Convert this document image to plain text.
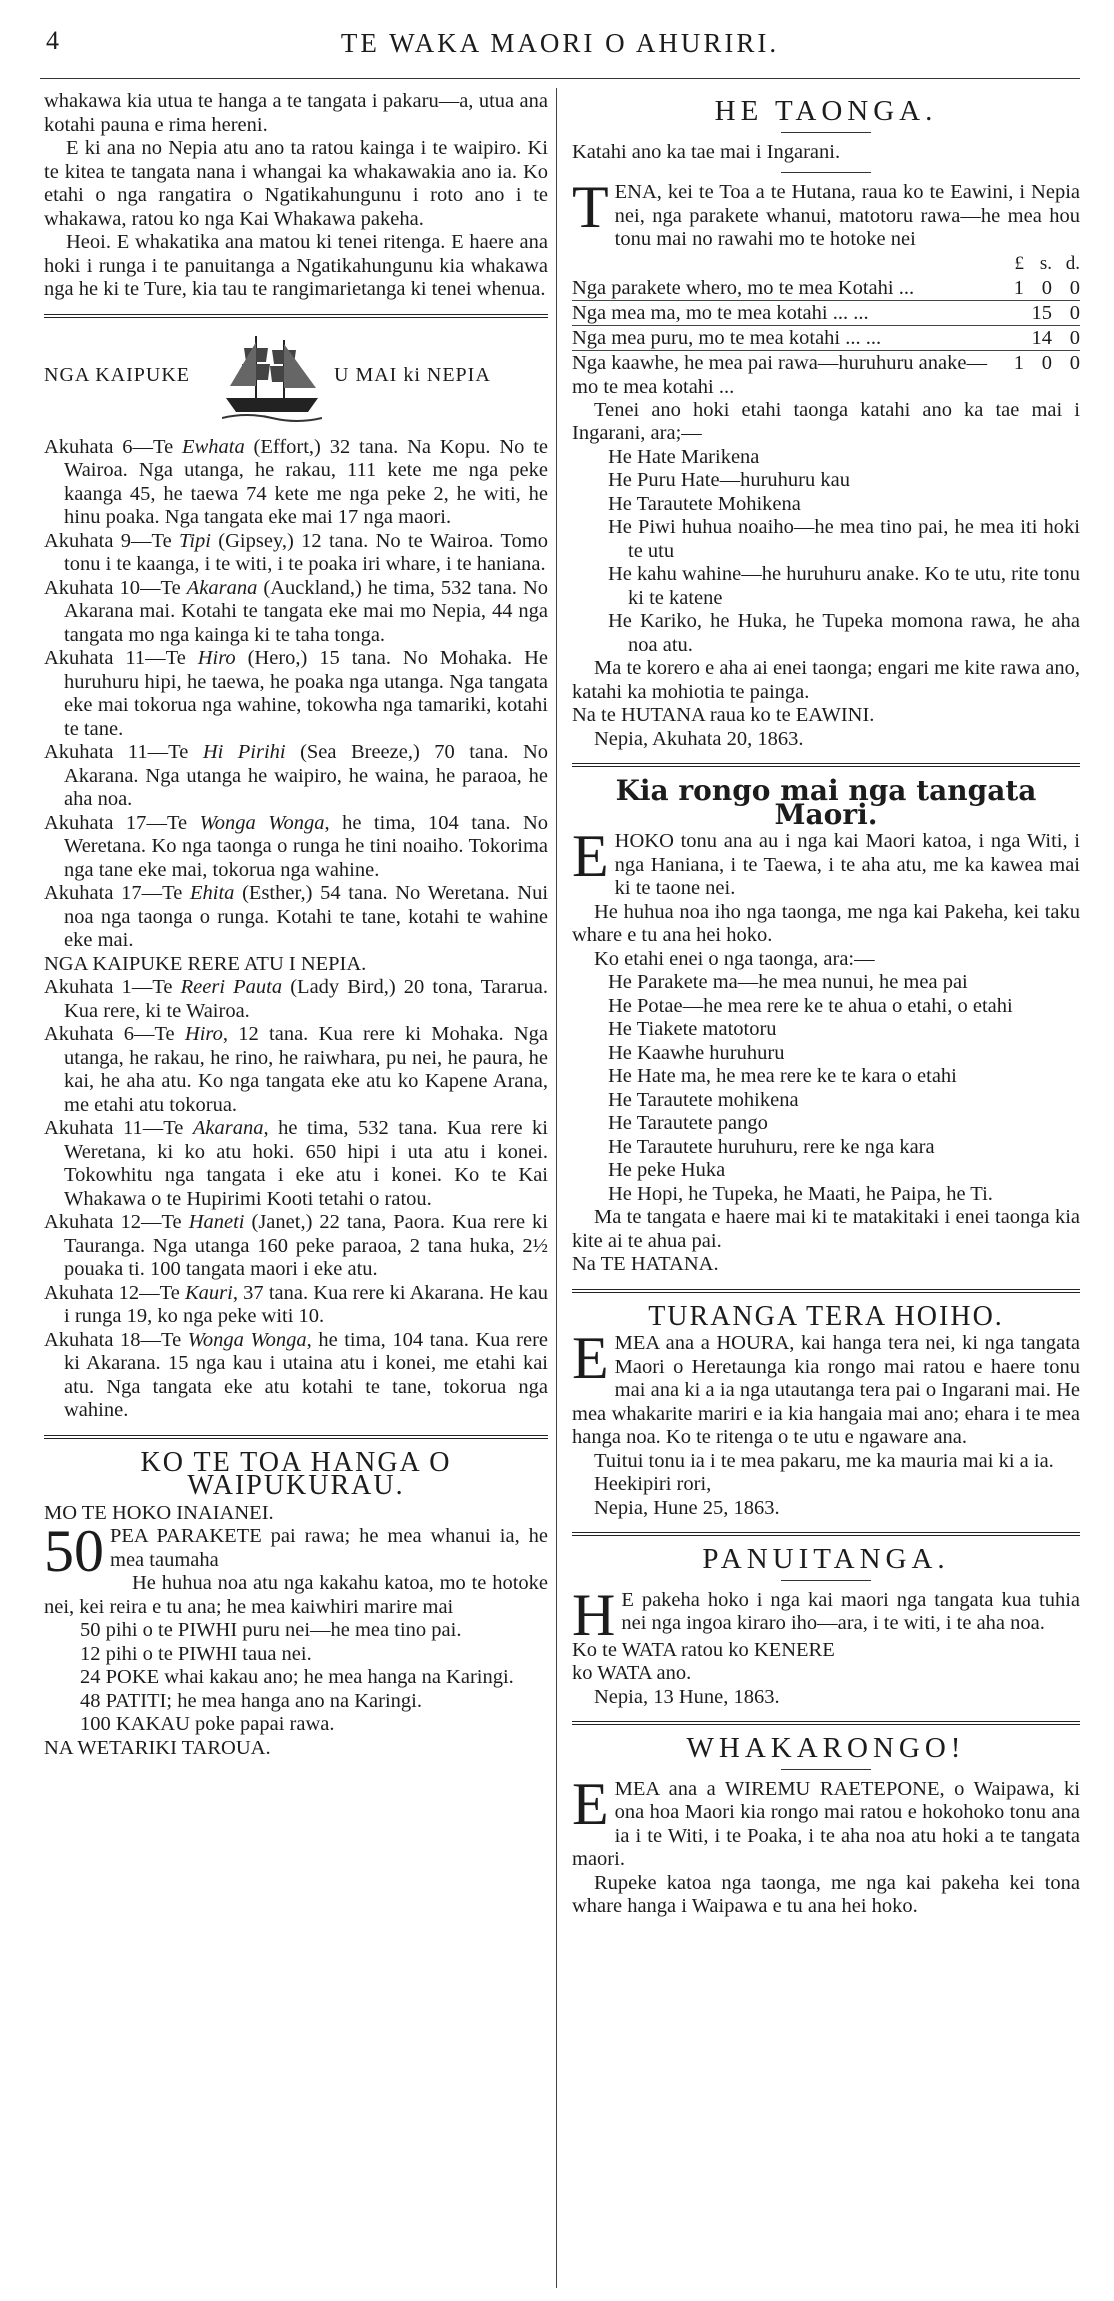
4	TE WAKA MAORI O AHURIRI.

whakawa kia utua te hanga a te tangata i pakaru—a, utua ana kotahi pauna e rima hereni.

E ki ana no Nepia atu ano ta ratou kainga i te waipiro. Ki te kitea te tangata nana i whangai ka whakawakia ano ia. Ko etahi o nga rangatira o Ngatikahungunu i roto ano i te whakawa, ratou ko nga Kai Whakawa pakeha.

Heoi. E whakatika ana matou ki tenei ritenga. E haere ana hoki i runga i te panuitanga a Ngatikahungunu kia whakawa nga he ki te Ture, kia tau te rangimarietanga ki tenei whenua.

NGA KAIPUKE	U MAI ki NEPIA

Akuhata 6—Te Ewhata (Effort,) 32 tana. Na Kopu. No te Wairoa. Nga utanga, he rakau, 111 kete me nga peke kaanga 45, he taewa 74 kete me nga peke 2, he witi, he hinu poaka. Nga tangata eke mai 17 nga maori.

Akuhata 9—Te Tipi (Gipsey,) 12 tana. No te Wairoa. Tomo tonu i te kaanga, i te witi, i te poaka iri whare, i te haniana.

Akuhata 10—Te Akarana (Auckland,) he tima, 532 tana. No Akarana mai. Kotahi te tangata eke mai mo Nepia, 44 nga tangata mo nga kainga ki te taha tonga.

Akuhata 11—Te Hiro (Hero,) 15 tana. No Mohaka. He huruhuru hipi, he taewa, he poaka nga utanga. Nga tangata eke mai tokorua nga wahine, tokowha nga tamariki, kotahi te tane.

Akuhata 11—Te Hi Pirihi (Sea Breeze,) 70 tana. No Akarana. Nga utanga he waipiro, he waina, he paraoa, he aha noa.

Akuhata 17—Te Wonga Wonga, he tima, 104 tana. No Weretana. Ko nga taonga o runga he tini noaiho. Tokorima nga tane eke mai, tokorua nga wahine.

Akuhata 17—Te Ehita (Esther,) 54 tana. No Weretana. Nui noa nga taonga o runga. Kotahi te tane, kotahi te wahine eke mai.

NGA KAIPUKE RERE ATU I NEPIA.

Akuhata 1—Te Reeri Pauta (Lady Bird,) 20 tona, Tararua. Kua rere, ki te Wairoa.

Akuhata 6—Te Hiro, 12 tana. Kua rere ki Mohaka. Nga utanga, he rakau, he rino, he raiwhara, pu nei, he paura, he kai, he aha atu. Ko nga tangata eke atu ko Kapene Arana, me etahi atu tokorua.

Akuhata 11—Te Akarana, he tima, 532 tana. Kua rere ki Weretana, ki ko atu hoki. 650 hipi i uta atu i konei. Tokowhitu nga tangata i eke atu i konei. Ko te Kai Whakawa o te Hupirimi Kooti tetahi o ratou.

Akuhata 12—Te Haneti (Janet,) 22 tana, Paora. Kua rere ki Tauranga. Nga utanga 160 peke paraoa, 2 tana huka, 2½ pouaka ti. 100 tangata maori i eke atu.

Akuhata 12—Te Kauri, 37 tana. Kua rere ki Akarana. He kau i runga 19, ko nga peke witi 10.

Akuhata 18—Te Wonga Wonga, he tima, 104 tana. Kua rere ki Akarana. 15 nga kau i utaina atu i konei, me etahi kai atu. Nga tangata eke atu kotahi te tane, tokorua nga wahine.

KO TE TOA HANGA O WAIPUKURAU.

MO TE HOKO INAIANEI.

50 PEA PARAKETE pai rawa; he mea whanui ia, he mea taumaha

He huhua noa atu nga kakahu katoa, mo te hotoke nei, kei reira e tu ana; he mea kaiwhiri marire mai

50 pihi o te PIWHI puru nei—he mea tino pai.

12 pihi o te PIWHI taua nei.

24 POKE whai kakau ano; he mea hanga na Karingi.

48 PATITI; he mea hanga ano na Karingi.

100 KAKAU poke papai rawa.

NA WETARIKI TAROUA.

HE TAONGA.

Katahi ano ka tae mai i Ingarani.

TENA, kei te Toa a te Hutana, raua ko te Eawini, i Nepia nei, nga parakete whanui, matotoru rawa—he mea hou tonu mai no rawahi mo te hotoke nei

	£	s.	d.
Nga parakete whero, mo te mea Kotahi ...	1	0	0
Nga mea ma, mo te mea kotahi ... ...		15	0
Nga mea puru, mo te mea kotahi ... ...		14	0
Nga kaawhe, he mea pai rawa—huruhuru anake—mo te mea kotahi ...	1	0	0

Tenei ano hoki etahi taonga katahi ano ka tae mai i Ingarani, ara;—

He Hate Marikena

He Puru Hate—huruhuru kau

He Tarautete Mohikena

He Piwi huhua noaiho—he mea tino pai, he mea iti hoki te utu

He kahu wahine—he huruhuru anake. Ko te utu, rite tonu ki te katene

He Kariko, he Huka, he Tupeka momona rawa, he aha noa atu.

Ma te korero e aha ai enei taonga; engari me kite rawa ano, katahi ka mohiotia te painga.

Na te HUTANA raua ko te EAWINI.

Nepia, Akuhata 20, 1863.

Kia rongo mai nga tangata Maori.

EHOKO tonu ana au i nga kai Maori katoa, i nga Witi, i nga Haniana, i te Taewa, i te aha atu, me ka kawea mai ki te taone nei.

He huhua noa iho nga taonga, me nga kai Pakeha, kei taku whare e tu ana hei hoko.

Ko etahi enei o nga taonga, ara:—

He Parakete ma—he mea nunui, he mea pai

He Potae—he mea rere ke te ahua o etahi, o etahi

He Tiakete matotoru

He Kaawhe huruhuru

He Hate ma, he mea rere ke te kara o etahi

He Tarautete mohikena

He Tarautete pango

He Tarautete huruhuru, rere ke nga kara

He peke Huka

He Hopi, he Tupeka, he Maati, he Paipa, he Ti.

Ma te tangata e haere mai ki te matakitaki i enei taonga kia kite ai te ahua pai.

Na TE HATANA.

TURANGA TERA HOIHO.

EMEA ana a HOURA, kai hanga tera nei, ki nga tangata Maori o Heretaunga kia rongo mai ratou e haere tonu mai ana ki a ia nga utautanga tera pai o Ingarani mai. He mea whakarite mariri e ia kia hangaia mai ano; ehara i te mea hanga noa. Ko te ritenga o te utu e ngaware ana.

Tuitui tonu ia i te mea pakaru, me ka mauria mai ki a ia.

Heekipiri rori,

Nepia, Hune 25, 1863.

PANUITANGA.

H E pakeha hoko i nga kai maori nga tangata kua tuhia nei nga ingoa kiraro iho—ara, i te witi, i te aha noa.

Ko te WATA ratou ko KENERE

ko WATA ano.

Nepia, 13 Hune, 1863.

WHAKARONGO!

EMEA ana a WIREMU RAETEPONE, o Waipawa, ki ona hoa Maori kia rongo mai ratou e hokohoko tonu ana ia i te Witi, i te Poaka, i te aha noa atu hoki a te tangata maori.

Rupeke katoa nga taonga, me nga kai pakeha kei tona whare hanga i Waipawa e tu ana hei hoko.
